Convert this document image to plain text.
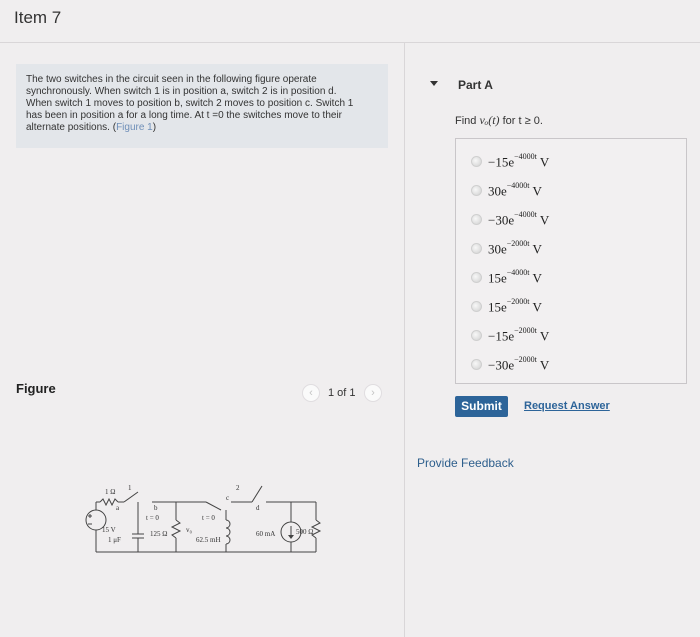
Item 7
The two switches in the circuit seen in the following figure operate
synchronously. When switch 1 is in position a, switch 2 is in position d.
When switch 1 moves to position b, switch 2 moves to position c. Switch 1
has been in position a for a long time. At t =0 the switches move to their
alternate positions. (Figure 1)
Figure	‹	1 of 1	›
1 Ω 1
a	b
15 V
1 μF
t = 0
125 Ω	v₀
t = 0
c
d
2
62.5 mH
60 mA	500 Ω
Part A
Find vₒ(t) for t ≥ 0.
$-15e^{-4000t}$ V
$30e^{-4000t}$ V
$-30e^{-4000t}$ V
$30e^{-2000t}$ V
$15e^{-4000t}$ V
$15e^{-2000t}$ V
$-15e^{-2000t}$ V
$-30e^{-2000t}$ V
Submit	Request Answer
Provide Feedback
